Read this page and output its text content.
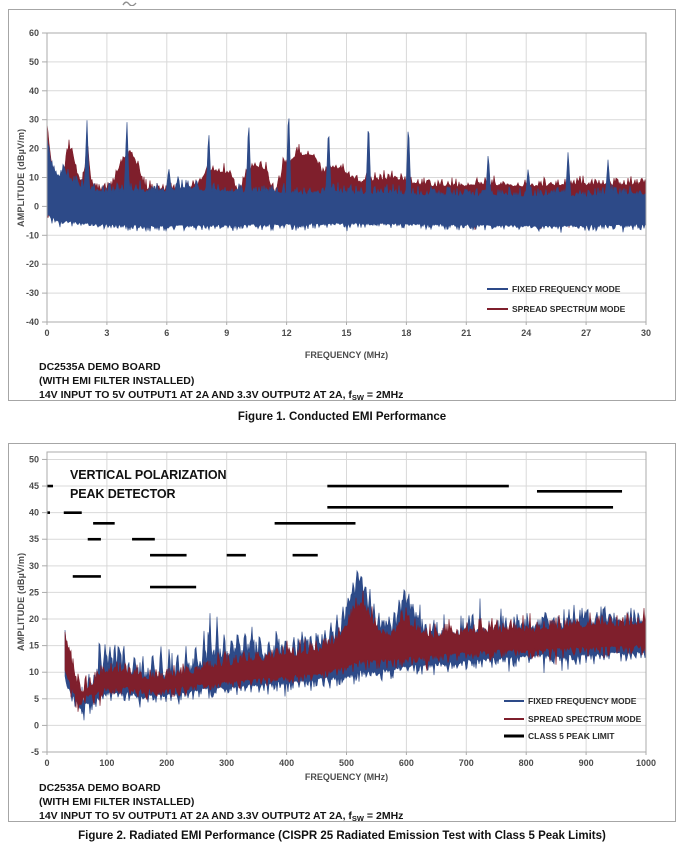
60
50
40
30
20
10
0
-10
-20
-30
-40
0	3	6	9	12	15	18	21	24	27	30
FIXED FREQUENCY MODE
SPREAD SPECTRUM MODE
AMPLITUDE (dBµV/m)
FREQUENCY (MHz)
DC2535A DEMO BOARD
(WITH EMI FILTER INSTALLED)
14V INPUT TO 5V OUTPUT1 AT 2A AND 3.3V OUTPUT2 AT 2A, $f_{SW} = 2MHz$
Figure 1. Conducted EMI Performance
50
45
40
35
30
25
20
15
10
5
0
-5
0	100	200	300	400	500	600	700	800	900	1000
FIXED FREQUENCY MODE
SPREAD SPECTRUM MODE
CLASS 5 PEAK LIMIT
VERTICAL POLARIZATION
PEAK DETECTOR
AMPLITUDE (dBµV/m)
FREQUENCY (MHz)
DC2535A DEMO BOARD
(WITH EMI FILTER INSTALLED)
14V INPUT TO 5V OUTPUT1 AT 2A AND 3.3V OUTPUT2 AT 2A, $f_{SW} = 2MHz$
Figure 2. Radiated EMI Performance (CISPR 25 Radiated Emission Test with Class 5 Peak Limits)
